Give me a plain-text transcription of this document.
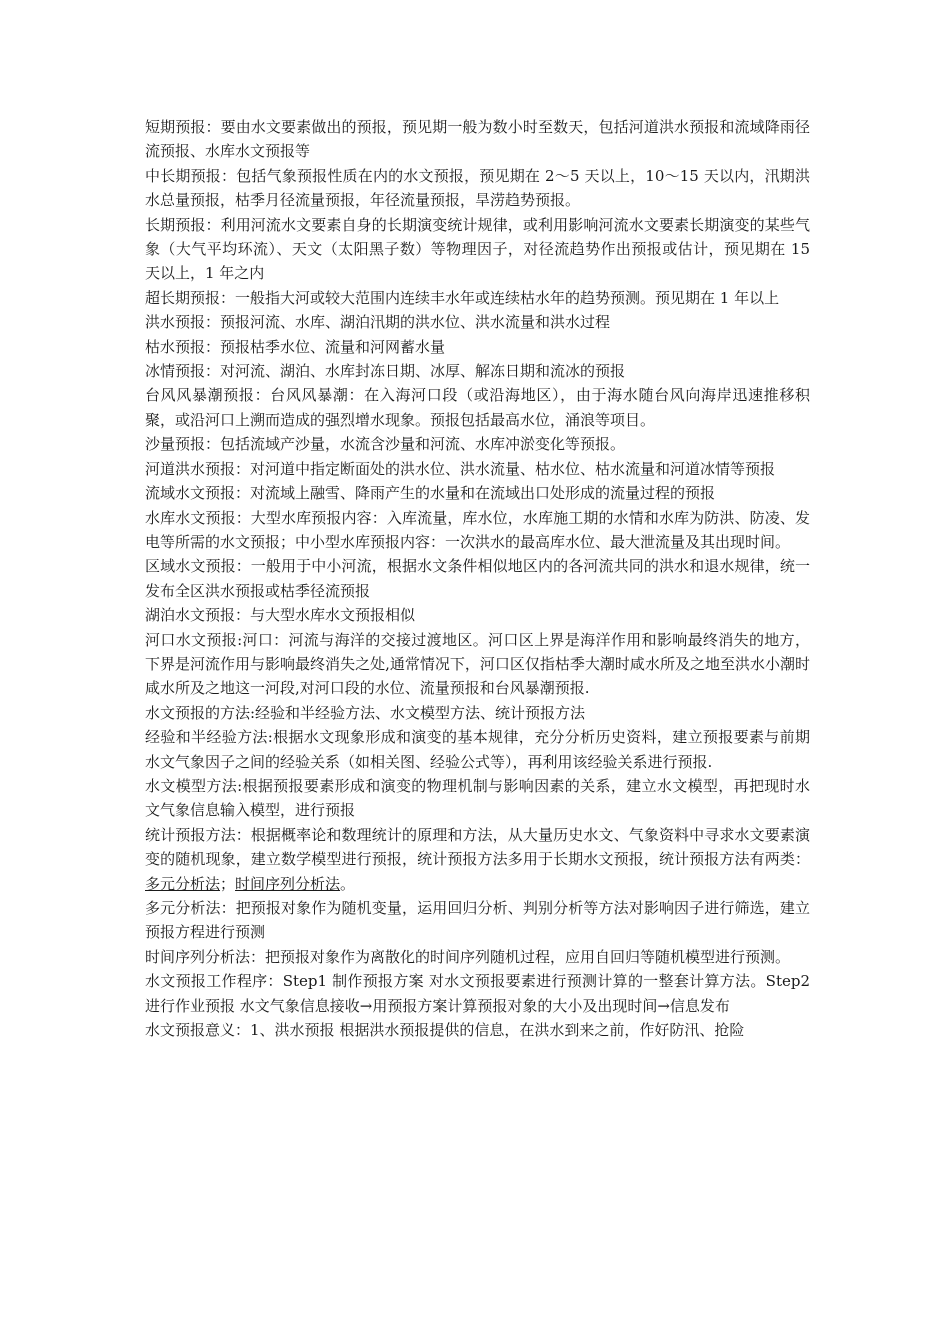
短期预报：要由水文要素做出的预报，预见期一般为数小时至数天，包括河道洪水预报和流域降雨径流预报、水库水文预报等

中长期预报：包括气象预报性质在内的水文预报，预见期在 2～5 天以上，10～15 天以内，汛期洪水总量预报，枯季月径流量预报，年径流量预报，旱涝趋势预报。

长期预报：利用河流水文要素自身的长期演变统计规律，或利用影响河流水文要素长期演变的某些气象（大气平均环流）、天文（太阳黑子数）等物理因子，对径流趋势作出预报或估计，预见期在 15 天以上，1 年之内

超长期预报：一般指大河或较大范围内连续丰水年或连续枯水年的趋势预测。预见期在 1 年以上

洪水预报：预报河流、水库、湖泊汛期的洪水位、洪水流量和洪水过程

枯水预报：预报枯季水位、流量和河网蓄水量

冰情预报：对河流、湖泊、水库封冻日期、冰厚、解冻日期和流冰的预报

台风风暴潮预报：台风风暴潮：在入海河口段（或沿海地区），由于海水随台风向海岸迅速推移积聚，或沿河口上溯而造成的强烈增水现象。预报包括最高水位，涌浪等项目。

沙量预报：包括流域产沙量，水流含沙量和河流、水库冲淤变化等预报。

河道洪水预报：对河道中指定断面处的洪水位、洪水流量、枯水位、枯水流量和河道冰情等预报

流域水文预报：对流域上融雪、降雨产生的水量和在流域出口处形成的流量过程的预报

水库水文预报：大型水库预报内容：入库流量，库水位，水库施工期的水情和水库为防洪、防凌、发电等所需的水文预报；中小型水库预报内容：一次洪水的最高库水位、最大泄流量及其出现时间。

区域水文预报：一般用于中小河流，根据水文条件相似地区内的各河流共同的洪水和退水规律，统一发布全区洪水预报或枯季径流预报

湖泊水文预报：与大型水库水文预报相似

河口水文预报:河口：河流与海洋的交接过渡地区。河口区上界是海洋作用和影响最终消失的地方，下界是河流作用与影响最终消失之处,通常情况下，河口区仅指枯季大潮时咸水所及之地至洪水小潮时咸水所及之地这一河段,对河口段的水位、流量预报和台风暴潮预报.

水文预报的方法:经验和半经验方法、水文模型方法、统计预报方法

经验和半经验方法:根据水文现象形成和演变的基本规律，充分分析历史资料，建立预报要素与前期水文气象因子之间的经验关系（如相关图、经验公式等），再利用该经验关系进行预报.

水文模型方法:根据预报要素形成和演变的物理机制与影响因素的关系，建立水文模型，再把现时水文气象信息输入模型，进行预报

统计预报方法：根据概率论和数理统计的原理和方法，从大量历史水文、气象资料中寻求水文要素演变的随机现象，建立数学模型进行预报，统计预报方法多用于长期水文预报，统计预报方法有两类：多元分析法；时间序列分析法。

多元分析法：把预报对象作为随机变量，运用回归分析、判别分析等方法对影响因子进行筛选，建立预报方程进行预测

时间序列分析法：把预报对象作为离散化的时间序列随机过程，应用自回归等随机模型进行预测。

水文预报工作程序：Step1 制作预报方案 对水文预报要素进行预测计算的一整套计算方法。Step2 进行作业预报 水文气象信息接收→用预报方案计算预报对象的大小及出现时间→信息发布

水文预报意义：1、洪水预报 根据洪水预报提供的信息，在洪水到来之前，作好防汛、抢险
